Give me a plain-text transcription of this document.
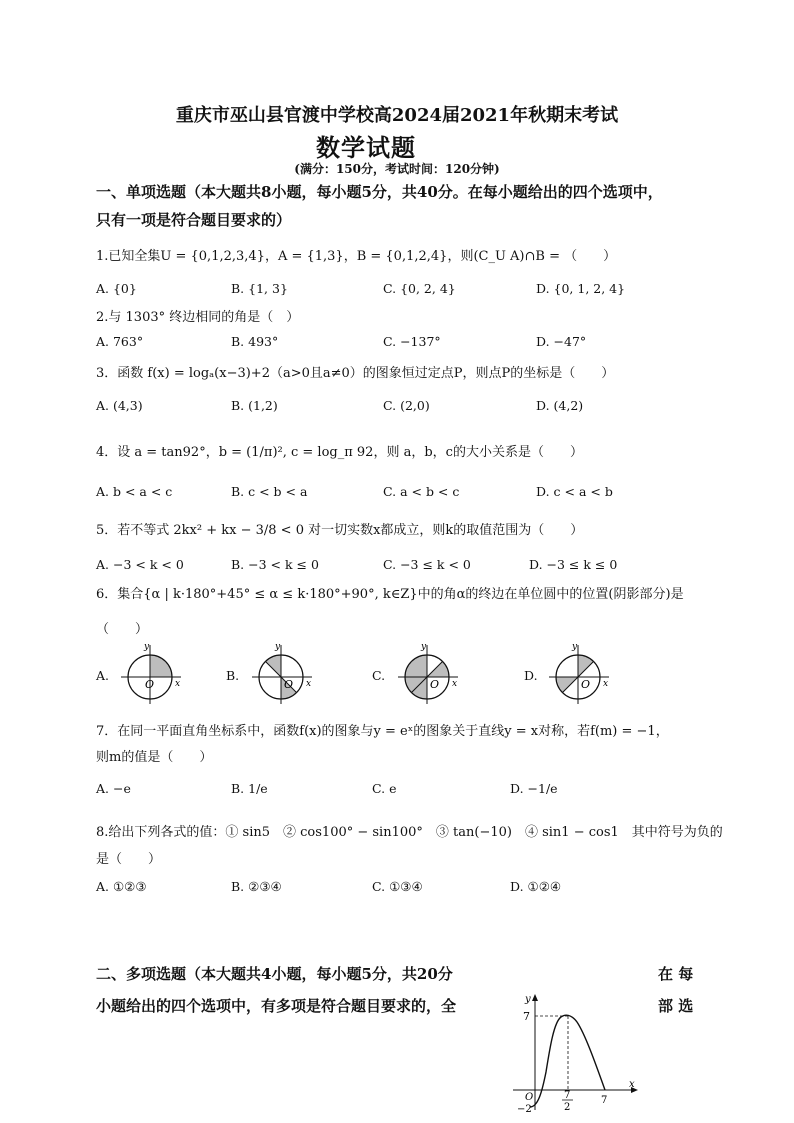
重庆市巫山县官渡中学校高2024届2021年秋期末考试
数学试题
(满分：150分，考试时间：120分钟)
一、单项选题（本大题共8小题，每小题5分，共40分。在每小题给出的四个选项中，
只有一项是符合题目要求的）
1.已知全集U = {0,1,2,3,4}，A = {1,3}，B = {0,1,2,4}，则(C_U A)∩B = （　　）
A. {0}	B. {1, 3}	C. {0, 2, 4}	D. {0, 1, 2, 4}
2.与 1303° 终边相同的角是（　）
A. 763°	B. 493°	C. −137°	D. −47°
3．函数 f(x) = logₐ(x−3)+2（a>0且a≠0）的图象恒过定点P，则点P的坐标是（　　）
A. (4,3)	B. (1,2)	C. (2,0)	D. (4,2)
4．设 a = tan92°，b = (1/π)², c = log_π 92，则 a，b，c的大小关系是（　　）
A. b < a < c	B. c < b < a	C. a < b < c	D. c < a < b
5．若不等式 2kx² + kx − 3/8 < 0 对一切实数x都成立，则k的取值范围为（　　）
A. −3 < k < 0	B. −3 < k ≤ 0	C. −3 ≤ k < 0	D. −3 ≤ k ≤ 0
6．集合{α | k·180°+45° ≤ α ≤ k·180°+90°, k∈Z}中的角α的终边在单位圆中的位置(阴影部分)是
（　　）
A.	B.	C.	D.
y
x
O
y
x
O
y
x
O
y
x
O
7．在同一平面直角坐标系中，函数f(x)的图象与y = eˣ的图象关于直线y = x对称，若f(m) = −1，
则m的值是（　　）
A. −e	B. 1/e	C. e	D. −1/e
8.给出下列各式的值：① sin5　② cos100° − sin100°　③ tan(−10)　④ sin1 − cos1　其中符号为负的
是（　　）
A. ①②③	B. ②③④	C. ①③④	D. ①②④
二、多项选题（本大题共4小题，每小题5分，共20分	在 每
小题给出的四个选项中，有多项是符合题目要求的，全	部 选
y
x
O
7
−2
7
2
7
